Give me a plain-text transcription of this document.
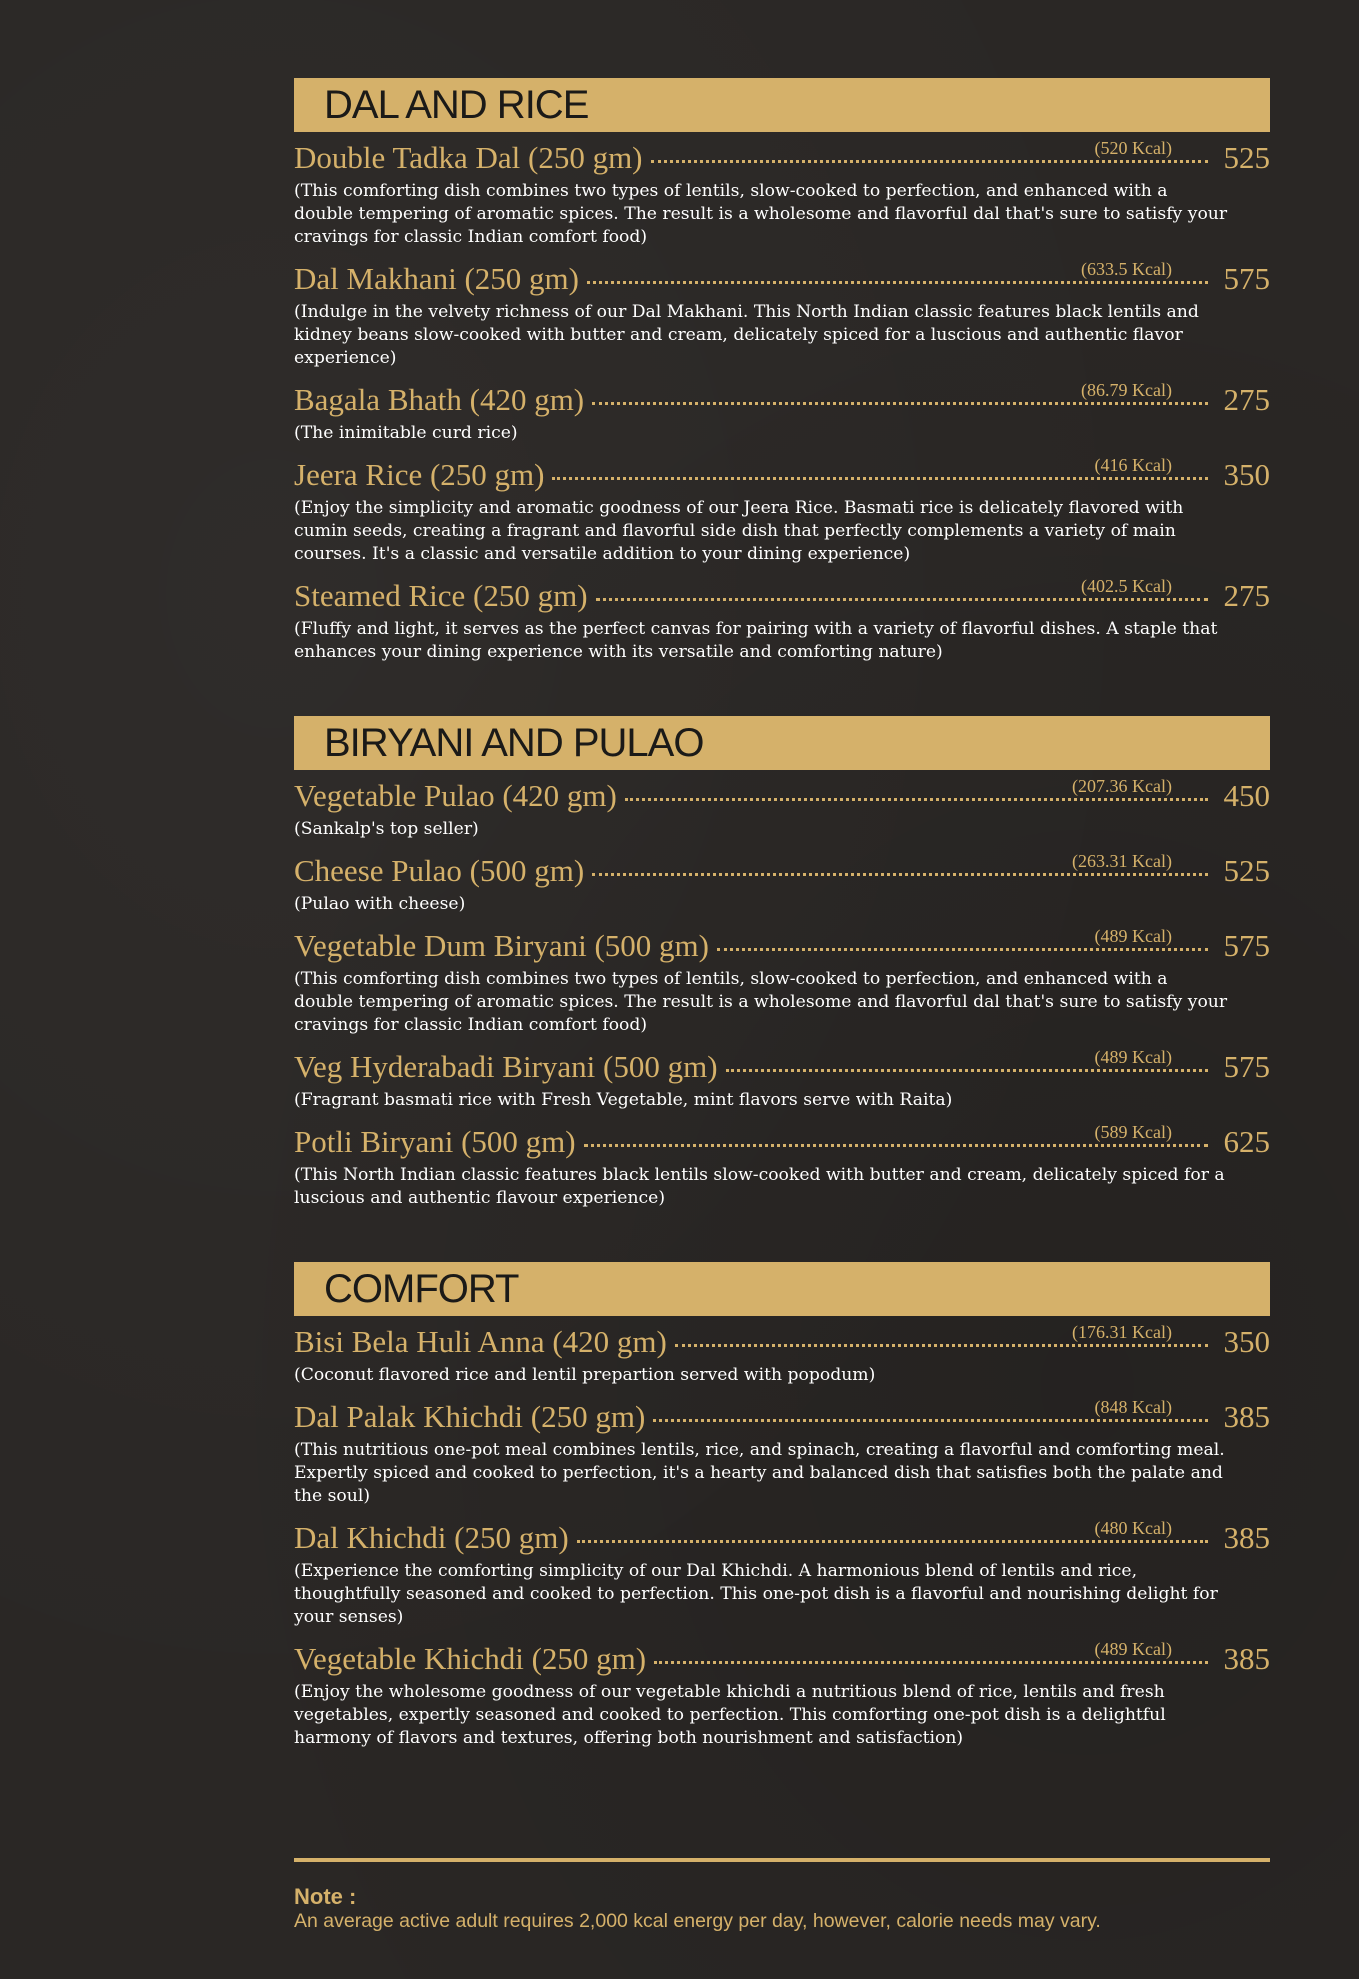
DAL AND RICE
Double Tadka Dal (250 gm)	525
(520 Kcal)
(This comforting dish combines two types of lentils, slow-cooked to perfection, and enhanced with a double tempering of aromatic spices. The result is a wholesome and flavorful dal that's sure to satisfy your cravings for classic Indian comfort food)
Dal Makhani (250 gm)	575
(633.5 Kcal)
(Indulge in the velvety richness of our Dal Makhani. This North Indian classic features black lentils and kidney beans slow-cooked with butter and cream, delicately spiced for a luscious and authentic flavor experience)
Bagala Bhath (420 gm)	275
(86.79 Kcal)
(The inimitable curd rice)
Jeera Rice (250 gm)	350
(416 Kcal)
(Enjoy the simplicity and aromatic goodness of our Jeera Rice. Basmati rice is delicately flavored with cumin seeds, creating a fragrant and flavorful side dish that perfectly complements a variety of main courses. It's a classic and versatile addition to your dining experience)
Steamed Rice (250 gm)	275
(402.5 Kcal)
(Fluffy and light, it serves as the perfect canvas for pairing with a variety of flavorful dishes. A staple that enhances your dining experience with its versatile and comforting nature)
BIRYANI AND PULAO
Vegetable Pulao (420 gm)	450
(207.36 Kcal)
(Sankalp's top seller)
Cheese Pulao (500 gm)	525
(263.31 Kcal)
(Pulao with cheese)
Vegetable Dum Biryani (500 gm)	575
(489 Kcal)
(This comforting dish combines two types of lentils, slow-cooked to perfection, and enhanced with a double tempering of aromatic spices. The result is a wholesome and flavorful dal that's sure to satisfy your cravings for classic Indian comfort food)
Veg Hyderabadi Biryani (500 gm)	575
(489 Kcal)
(Fragrant basmati rice with Fresh Vegetable, mint flavors serve with Raita)
Potli Biryani (500 gm)	625
(589 Kcal)
(This North Indian classic features black lentils slow-cooked with butter and cream, delicately spiced for a luscious and authentic flavour experience)
COMFORT
Bisi Bela Huli Anna (420 gm)	350
(176.31 Kcal)
(Coconut flavored rice and lentil prepartion served with popodum)
Dal Palak Khichdi (250 gm)	385
(848 Kcal)
(This nutritious one-pot meal combines lentils, rice, and spinach, creating a flavorful and comforting meal. Expertly spiced and cooked to perfection, it's a hearty and balanced dish that satisfies both the palate and the soul)
Dal Khichdi (250 gm)	385
(480 Kcal)
(Experience the comforting simplicity of our Dal Khichdi. A harmonious blend of lentils and rice, thoughtfully seasoned and cooked to perfection. This one-pot dish is a flavorful and nourishing delight for your senses)
Vegetable Khichdi (250 gm)	385
(489 Kcal)
(Enjoy the wholesome goodness of our vegetable khichdi a nutritious blend of rice, lentils and fresh vegetables, expertly seasoned and cooked to perfection. This comforting one-pot dish is a delightful harmony of flavors and textures, offering both nourishment and satisfaction)
Note :
An average active adult requires 2,000 kcal energy per day, however, calorie needs may vary.
